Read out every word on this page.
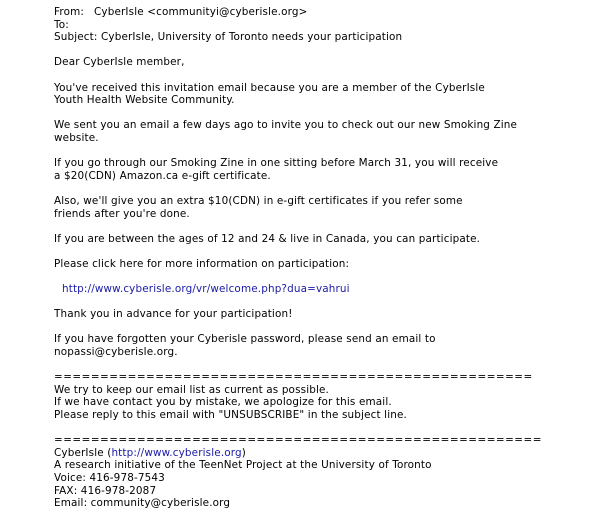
From: CyberIsle <communityi@cyberisle.org>
To:
Subject: CyberIsle, University of Toronto needs your participation
Dear CyberIsle member,
You've received this invitation email because you are a member of the CyberIsle
Youth Health Website Community.
We sent you an email a few days ago to invite you to check out our new Smoking Zine
website.
If you go through our Smoking Zine in one sitting before March 31, you will receive
a $20(CDN) Amazon.ca e-gift certificate.
Also, we'll give you an extra $10(CDN) in e-gift certificates if you refer some
friends after you're done.
If you are between the ages of 12 and 24 & live in Canada, you can participate.
Please click here for more information on participation:
http://www.cyberisle.org/vr/welcome.php?dua=vahrui
Thank you in advance for your participation!
If you have forgotten your Cyberisle password, please send an email to
nopassi@cyberisle.org.
====================================================
We try to keep our email list as current as possible.
If we have contact you by mistake, we apologize for this email.
Please reply to this email with "UNSUBSCRIBE" in the subject line.
=====================================================
CyberIsle (http://www.cyberisle.org)
A research initiative of the TeenNet Project at the University of Toronto
Voice: 416-978-7543
FAX: 416-978-2087
Email: community@cyberisle.org
